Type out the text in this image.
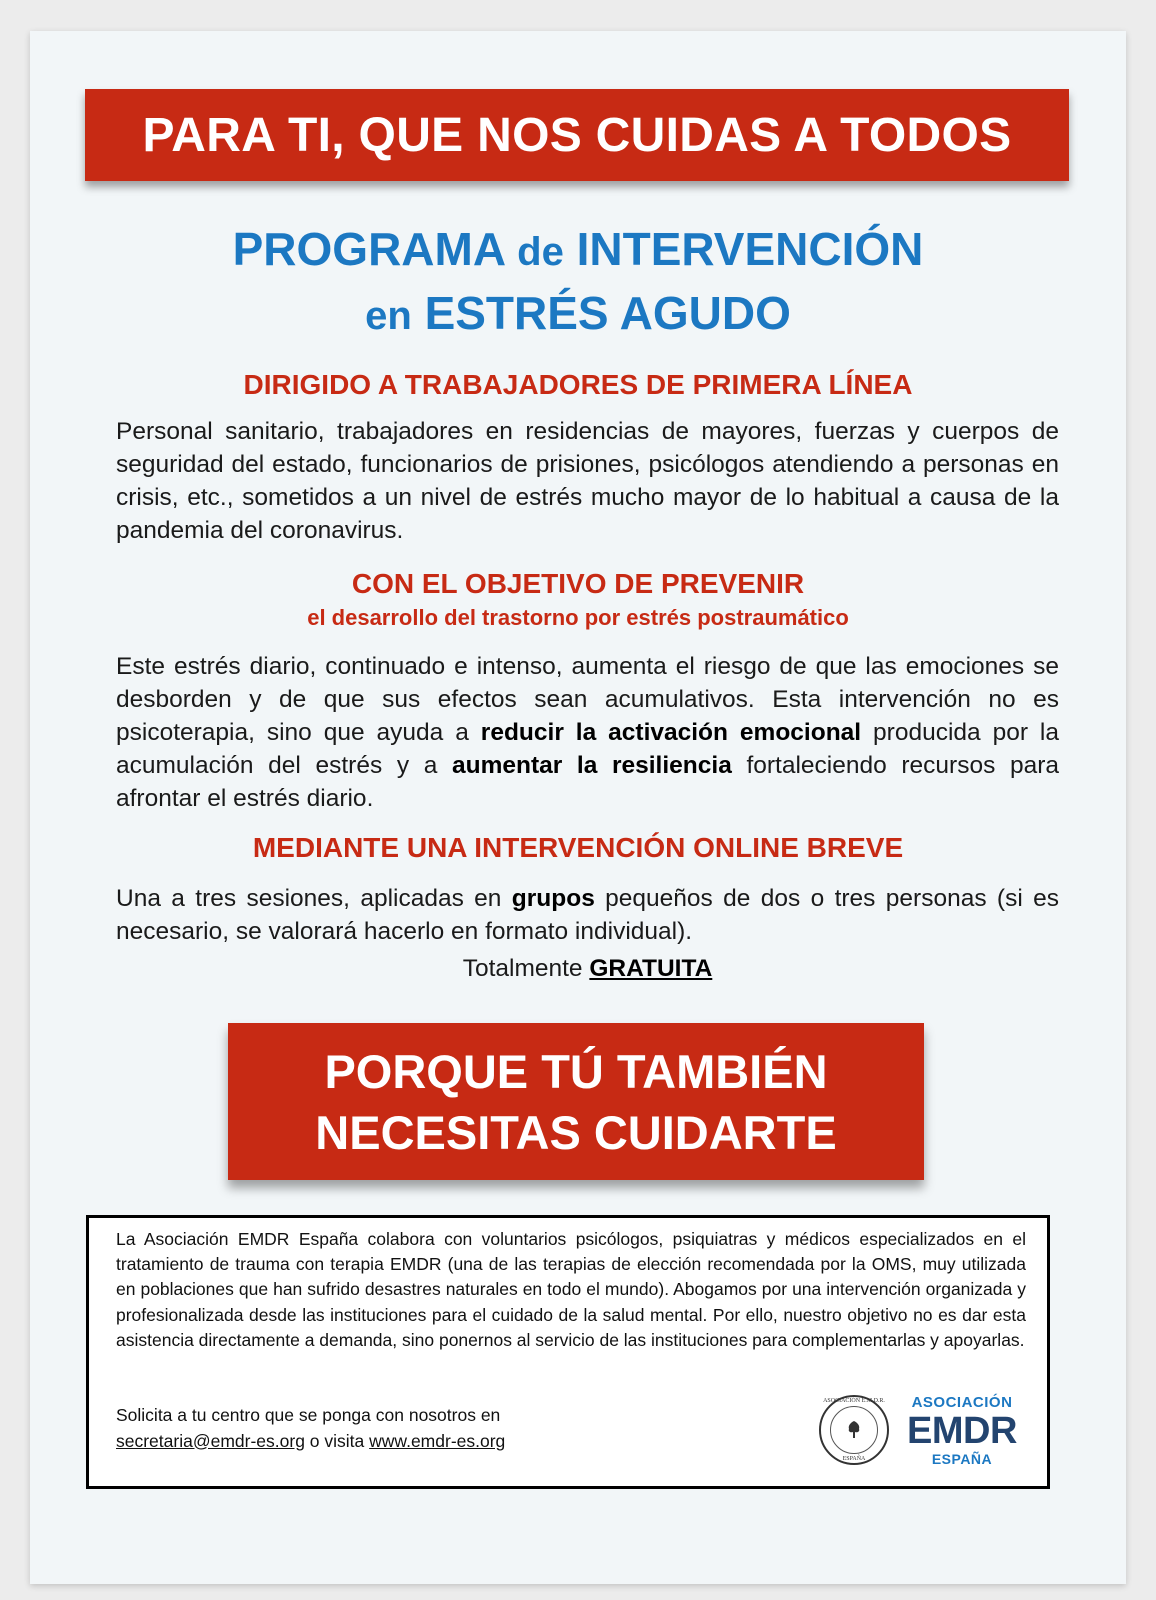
PARA TI, QUE NOS CUIDAS A TODOS
PROGRAMA de INTERVENCIÓN
en ESTRÉS AGUDO
DIRIGIDO A TRABAJADORES DE PRIMERA LÍNEA
Personal sanitario, trabajadores en residencias de mayores, fuerzas y cuerpos de seguridad del estado, funcionarios de prisiones, psicólogos atendiendo a personas en crisis, etc., sometidos a un nivel de estrés mucho mayor de lo habitual a causa de la pandemia del coronavirus.
CON EL OBJETIVO DE PREVENIR
el desarrollo del trastorno por estrés postraumático
Este estrés diario, continuado e intenso, aumenta el riesgo de que las emociones se desborden y de que sus efectos sean acumulativos. Esta intervención no es psicoterapia, sino que ayuda a reducir la activación emocional producida por la acumulación del estrés y a aumentar la resiliencia fortaleciendo recursos para afrontar el estrés diario.
MEDIANTE UNA INTERVENCIÓN ONLINE BREVE
Una a tres sesiones, aplicadas en grupos pequeños de dos o tres personas (si es necesario, se valorará hacerlo en formato individual).
Totalmente GRATUITA
PORQUE TÚ TAMBIÉN
NECESITAS CUIDARTE
La Asociación EMDR España colabora con voluntarios psicólogos, psiquiatras y médicos especializados en el tratamiento de trauma con terapia EMDR (una de las terapias de elección recomendada por la OMS, muy utilizada en poblaciones que han sufrido desastres naturales en todo el mundo). Abogamos por una intervención organizada y profesionalizada desde las instituciones para el cuidado de la salud mental. Por ello, nuestro objetivo no es dar esta asistencia directamente a demanda, sino ponernos al servicio de las instituciones para complementarlas y apoyarlas.
Solicita a tu centro que se ponga con nosotros en
secretaria@emdr-es.org o visita www.emdr-es.org
ASOCIACIÓN E.M.D.R.
ESPAÑA
ASOCIACIÓN
EMDR
ESPAÑA
